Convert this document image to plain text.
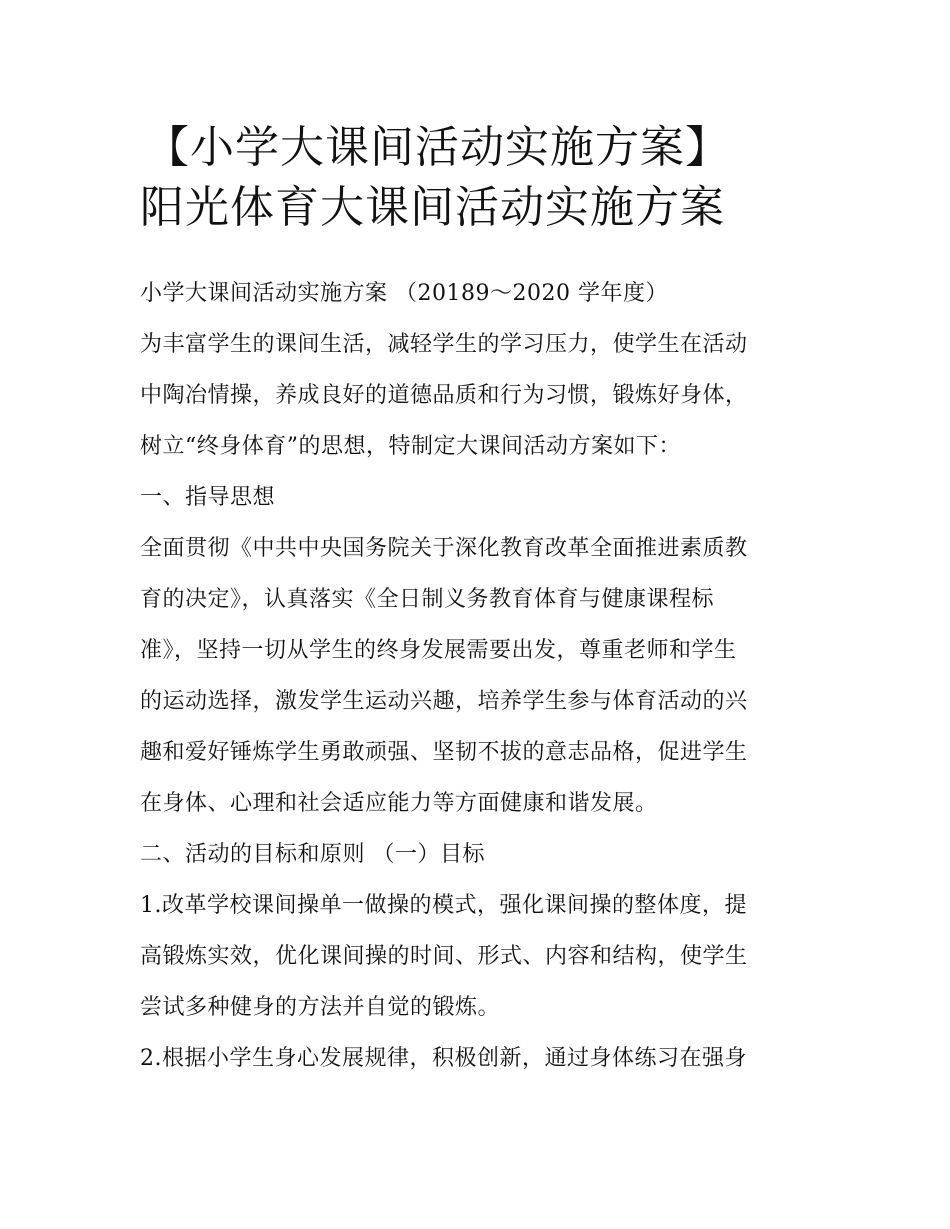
【小学大课间活动实施方案】
阳光体育大课间活动实施方案
小学大课间活动实施方案 （20189～2020 学年度）
为丰富学生的课间生活，减轻学生的学习压力，使学生在活动
中陶冶情操，养成良好的道德品质和行为习惯，锻炼好身体，
树立“终身体育”的思想，特制定大课间活动方案如下：
一、指导思想
全面贯彻《中共中央国务院关于深化教育改革全面推进素质教
育的决定》，认真落实《全日制义务教育体育与健康课程标
准》，坚持一切从学生的终身发展需要出发，尊重老师和学生
的运动选择，激发学生运动兴趣，培养学生参与体育活动的兴
趣和爱好锤炼学生勇敢顽强、坚韧不拔的意志品格，促进学生
在身体、心理和社会适应能力等方面健康和谐发展。
二、活动的目标和原则 （一）目标
1.改革学校课间操单一做操的模式，强化课间操的整体度，提
高锻炼实效，优化课间操的时间、形式、内容和结构，使学生
尝试多种健身的方法并自觉的锻炼。
2.根据小学生身心发展规律，积极创新，通过身体练习在强身
